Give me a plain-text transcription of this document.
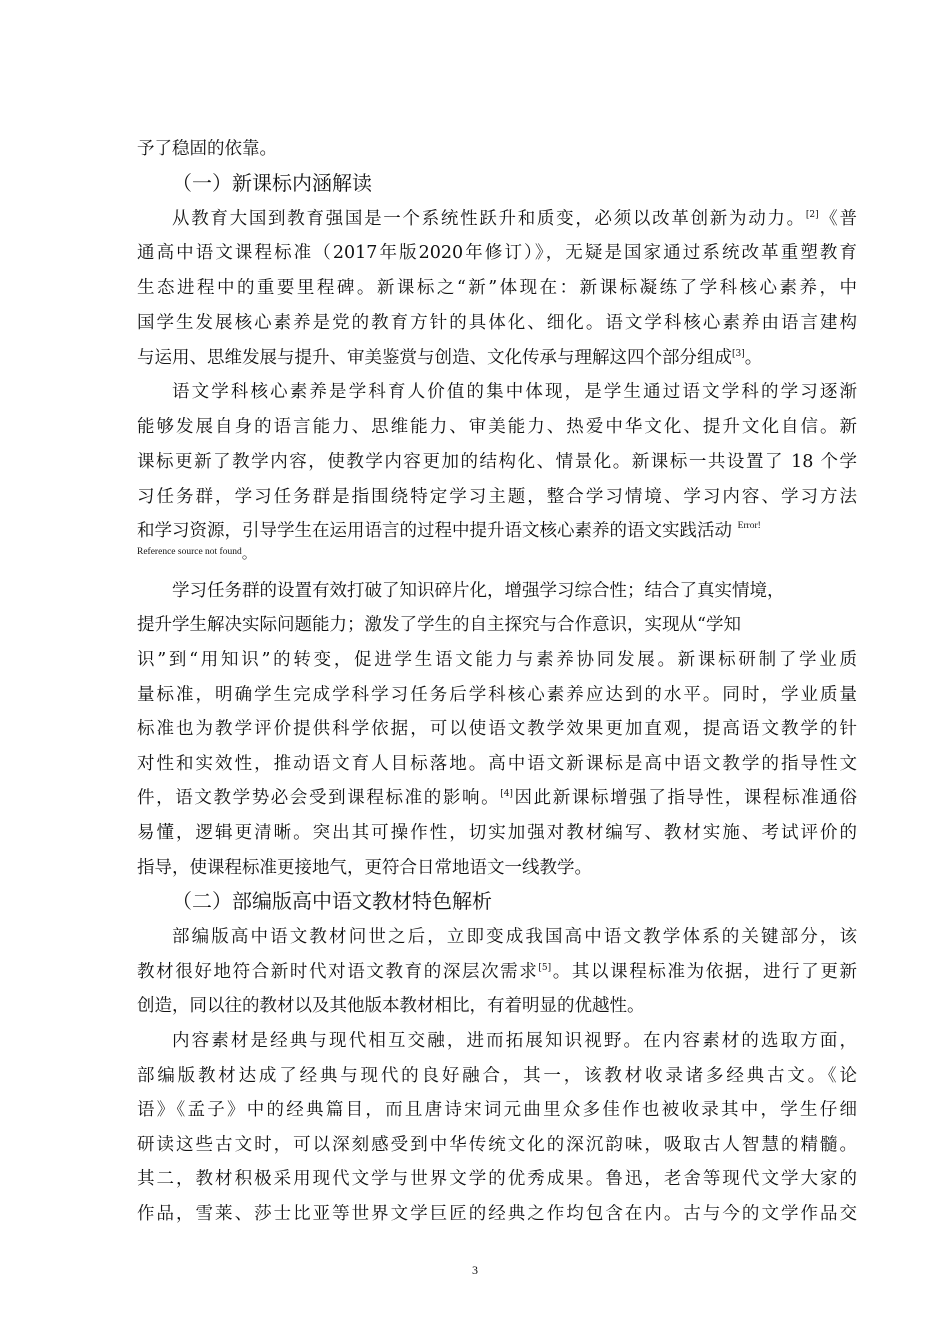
予了稳固的依靠。
（一）新课标内涵解读
从教育大国到教育强国是一个系统性跃升和质变，必须以改革创新为动力。[2]《普
通高中语文课程标准（2017年版2020年修订）》，无疑是国家通过系统改革重塑教育
生态进程中的重要里程碑。新课标之“新”体现在：新课标凝练了学科核心素养，中
国学生发展核心素养是党的教育方针的具体化、细化。语文学科核心素养由语言建构
与运用、思维发展与提升、审美鉴赏与创造、文化传承与理解这四个部分组成[3]。
语文学科核心素养是学科育人价值的集中体现，是学生通过语文学科的学习逐渐
能够发展自身的语言能力、思维能力、审美能力、热爱中华文化、提升文化自信。新
课标更新了教学内容，使教学内容更加的结构化、情景化。新课标一共设置了 18 个学
习任务群，学习任务群是指围绕特定学习主题，整合学习情境、学习内容、学习方法
和学习资源，引导学生在运用语言的过程中提升语文核心素养的语文实践活动 $^{Error!}$
Reference source not found。
学习任务群的设置有效打破了知识碎片化，增强学习综合性；结合了真实情境，
提升学生解决实际问题能力；激发了学生的自主探究与合作意识，实现从“学知
识”到“用知识”的转变，促进学生语文能力与素养协同发展。新课标研制了学业质
量标准，明确学生完成学科学习任务后学科核心素养应达到的水平。同时，学业质量
标准也为教学评价提供科学依据，可以使语文教学效果更加直观，提高语文教学的针
对性和实效性，推动语文育人目标落地。高中语文新课标是高中语文教学的指导性文
件，语文教学势必会受到课程标准的影响。[4]因此新课标增强了指导性，课程标准通俗
易懂，逻辑更清晰。突出其可操作性，切实加强对教材编写、教材实施、考试评价的
指导，使课程标准更接地气，更符合日常地语文一线教学。
（二）部编版高中语文教材特色解析
部编版高中语文教材问世之后，立即变成我国高中语文教学体系的关键部分，该
教材很好地符合新时代对语文教育的深层次需求[5]。其以课程标准为依据，进行了更新
创造，同以往的教材以及其他版本教材相比，有着明显的优越性。
内容素材是经典与现代相互交融，进而拓展知识视野。在内容素材的选取方面，
部编版教材达成了经典与现代的良好融合，其一，该教材收录诸多经典古文。《论
语》《孟子》中的经典篇目，而且唐诗宋词元曲里众多佳作也被收录其中，学生仔细
研读这些古文时，可以深刻感受到中华传统文化的深沉韵味，吸取古人智慧的精髓。
其二，教材积极采用现代文学与世界文学的优秀成果。鲁迅，老舍等现代文学大家的
作品，雪莱、莎士比亚等世界文学巨匠的经典之作均包含在内。古与今的文学作品交
3
